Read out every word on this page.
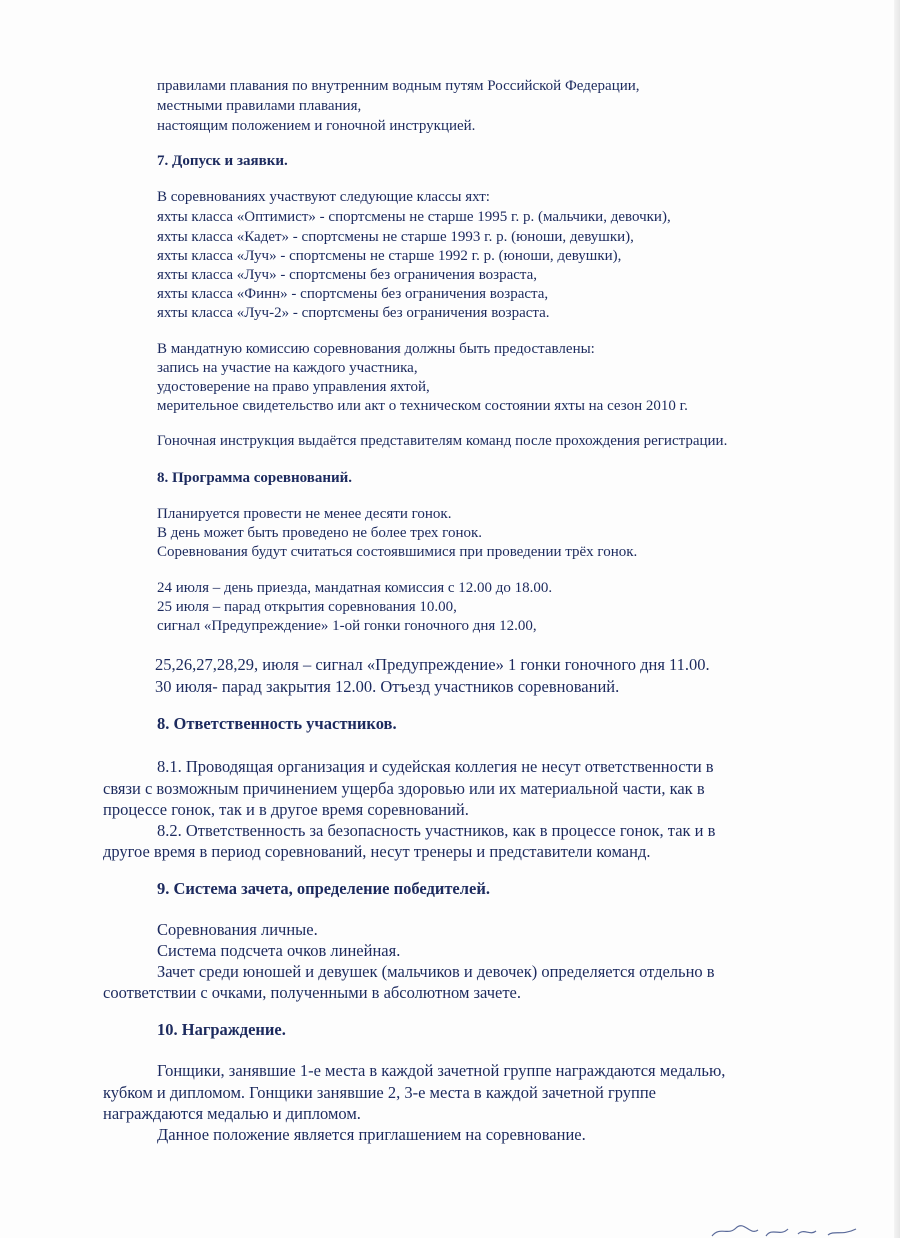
правилами плавания по внутренним водным путям Российской Федерации,

местными правилами плавания,

настоящим положением и гоночной инструкцией.

7. Допуск и заявки.

В соревнованиях участвуют следующие классы яхт:

яхты класса «Оптимист» - спортсмены не старше 1995 г. р. (мальчики, девочки),

яхты класса «Кадет» - спортсмены не старше 1993 г. р. (юноши, девушки),

яхты класса «Луч» - спортсмены не старше 1992 г. р. (юноши, девушки),

яхты класса «Луч» - спортсмены без ограничения возраста,

яхты класса «Финн» - спортсмены без ограничения возраста,

яхты класса «Луч-2» - спортсмены без ограничения возраста.

В мандатную комиссию соревнования должны быть предоставлены:

запись на участие на каждого участника,

удостоверение на право управления яхтой,

мерительное свидетельство или акт о техническом состоянии яхты на сезон 2010 г.

Гоночная инструкция выдаётся представителям команд после прохождения регистрации.

8. Программа соревнований.

Планируется провести не менее десяти гонок.

В день может быть проведено не более трех гонок.

Соревнования будут считаться состоявшимися при проведении трёх гонок.

24 июля – день приезда, мандатная комиссия с 12.00 до 18.00.

25 июля – парад открытия соревнования 10.00,

сигнал «Предупреждение» 1-ой гонки гоночного дня 12.00,

25,26,27,28,29, июля – сигнал «Предупреждение» 1 гонки гоночного дня 11.00.

30 июля- парад закрытия 12.00. Отъезд участников соревнований.

8. Ответственность участников.

8.1. Проводящая организация и судейская коллегия не несут ответственности в

связи с возможным причинением ущерба здоровью или их материальной части, как в

процессе гонок, так и в другое время соревнований.

8.2. Ответственность за безопасность участников, как в процессе гонок, так и в

другое время в период соревнований, несут тренеры и представители команд.

9. Система зачета, определение победителей.

Соревнования личные.

Система подсчета очков линейная.

Зачет среди юношей и девушек (мальчиков и девочек) определяется отдельно в

соответствии с очками, полученными в абсолютном зачете.

10. Награждение.

Гонщики, занявшие 1-е места в каждой зачетной группе награждаются медалью,

кубком и дипломом. Гонщики занявшие 2, 3-е места в каждой зачетной группе

награждаются медалью и дипломом.

Данное положение является приглашением на соревнование.
